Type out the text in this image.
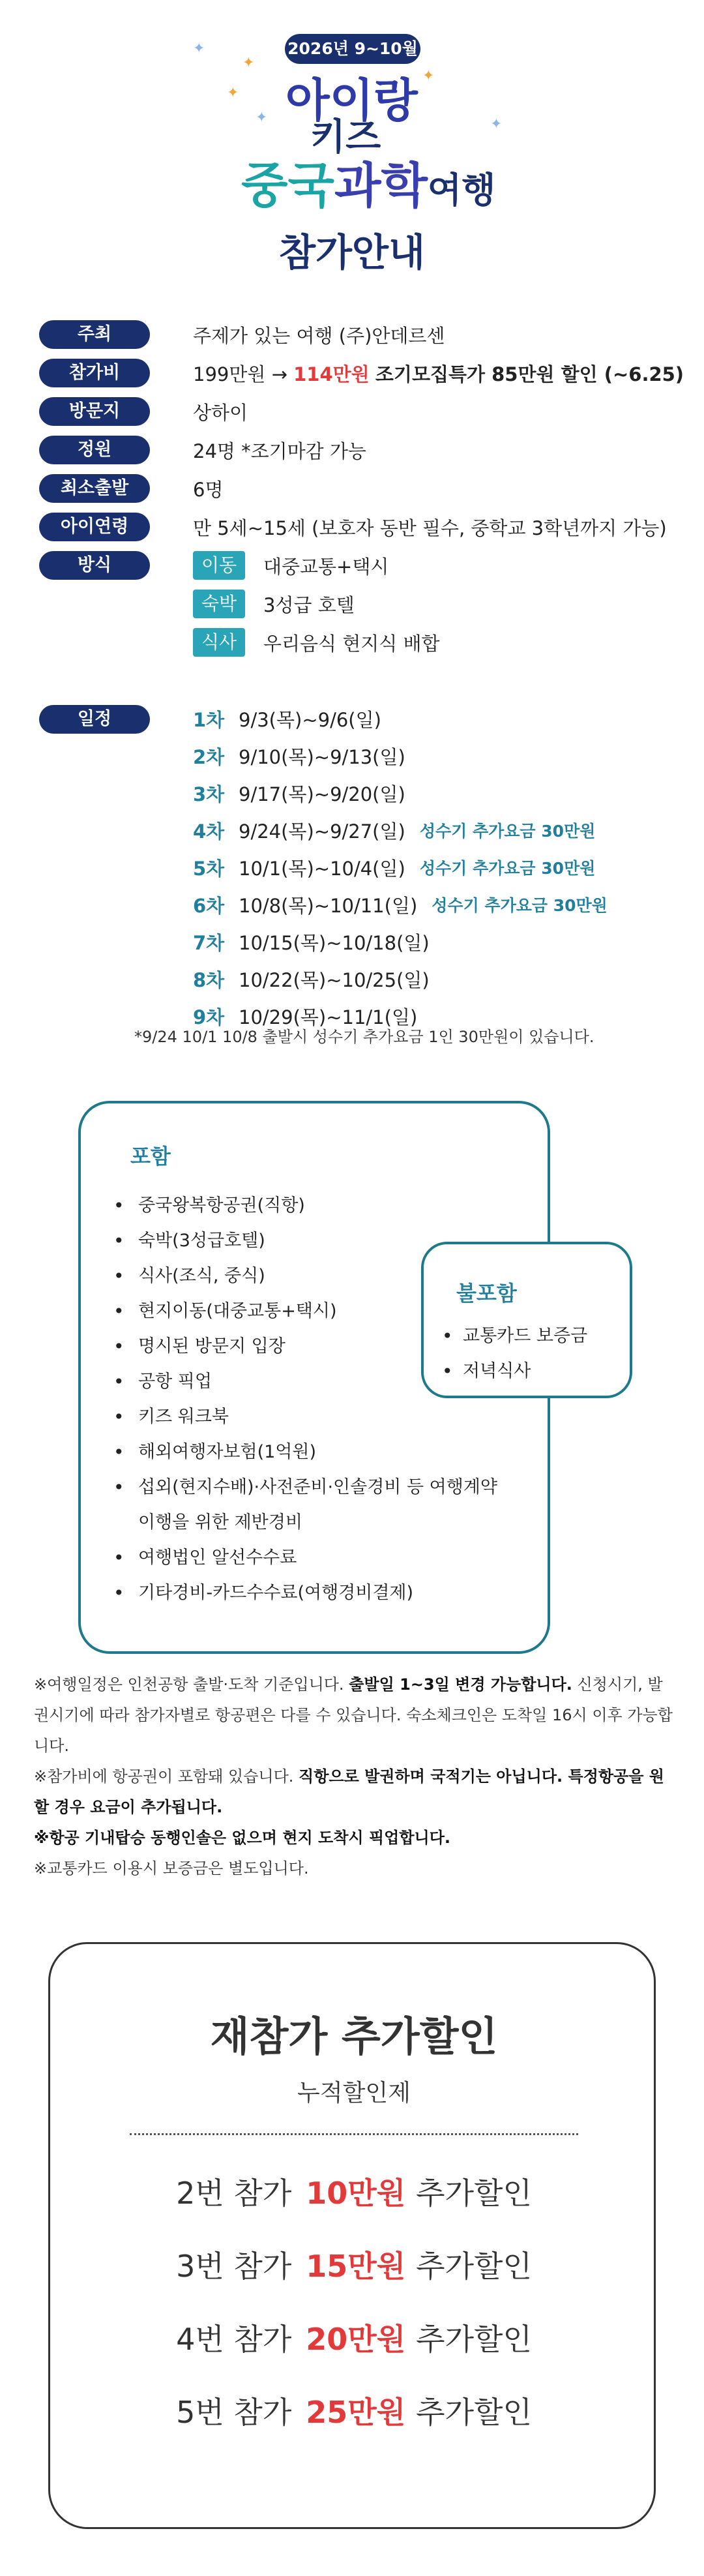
2026년 9~10월
✦
✦
✦
✦
✦
✦ 아이랑
키즈
중국과학여행
참가안내
주최	주제가 있는 여행 (주)안데르센
참가비	199만원 → 114만원 조기모집특가 85만원 할인 (~6.25)
방문지	상하이
정원	24명 *조기마감 가능
최소출발	6명
아이연령	만 5세~15세 (보호자 동반 필수, 중학교 3학년까지 가능)
방식	이동	대중교통+택시
숙박	3성급 호텔
식사	우리음식 현지식 배합
일정	1차 9/3(목)~9/6(일)
2차 9/10(목)~9/13(일)
3차 9/17(목)~9/20(일)
4차 9/24(목)~9/27(일) 성수기 추가요금 30만원
5차 10/1(목)~10/4(일) 성수기 추가요금 30만원
6차 10/8(목)~10/11(일) 성수기 추가요금 30만원
7차 10/15(목)~10/18(일)
8차 10/22(목)~10/25(일)
9차 10/29(목)~11/1(일)
*9/24 10/1 10/8 출발시 성수기 추가요금 1인 30만원이 있습니다.
포함
• 중국왕복항공권(직항)
• 숙박(3성급호텔)
• 식사(조식, 중식)
• 현지이동(대중교통+택시)
• 명시된 방문지 입장
• 공항 픽업
• 키즈 워크북
• 해외여행자보험(1억원)
• 섭외(현지수배)·사전준비·인솔경비 등 여행계약 이행을 위한 제반경비
• 여행법인 알선수수료
• 기타경비-카드수수료(여행경비결제)
불포함
• 교통카드 보증금
• 저녁식사

※여행일정은 인천공항 출발·도착 기준입니다. 출발일 1~3일 변경 가능합니다. 신청시기, 발권시기에 따라 참가자별로 항공편은 다를 수 있습니다. 숙소체크인은 도착일 16시 이후 가능합니다.

※참가비에 항공권이 포함돼 있습니다. 직항으로 발권하며 국적기는 아닙니다. 특정항공을 원할 경우 요금이 추가됩니다.

※항공 기내탑승 동행인솔은 없으며 현지 도착시 픽업합니다.

※교통카드 이용시 보증금은 별도입니다.

재참가 추가할인
누적할인제
2번 참가 10만원 추가할인
3번 참가 15만원 추가할인
4번 참가 20만원 추가할인
5번 참가 25만원 추가할인
